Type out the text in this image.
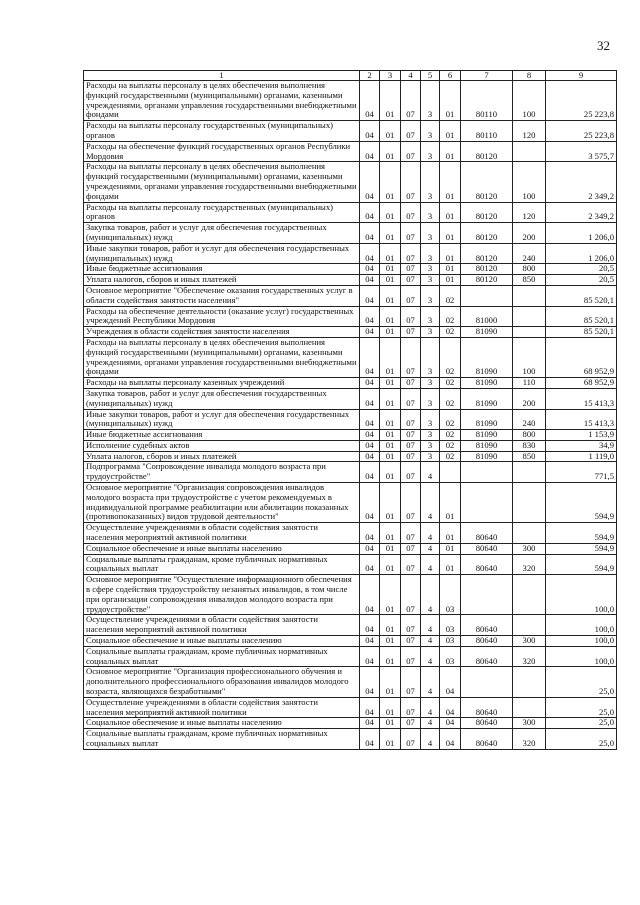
32
1	2	3	4	5	6	7	8	9
Расходы на выплаты персоналу в целях обеспечения выполнения функций государственными (муниципальными) органами, казенными учреждениями, органами управления государственными внебюджетными фондами	04	01	07	3	01	80110	100	25 223,8
Расходы на выплаты персоналу государственных (муниципальных) органов	04	01	07	3	01	80110	120	25 223,8
Расходы на обеспечение функций государственных органов Республики Мордовия	04	01	07	3	01	80120		3 575,7
Расходы на выплаты персоналу в целях обеспечения выполнения функций государственными (муниципальными) органами, казенными учреждениями, органами управления государственными внебюджетными фондами	04	01	07	3	01	80120	100	2 349,2
Расходы на выплаты персоналу государственных (муниципальных) органов	04	01	07	3	01	80120	120	2 349,2
Закупка товаров, работ и услуг для обеспечения государственных (муниципальных) нужд	04	01	07	3	01	80120	200	1 206,0
Иные закупки товаров, работ и услуг для обеспечения государственных (муниципальных) нужд	04	01	07	3	01	80120	240	1 206,0
Иные бюджетные ассигнования	04	01	07	3	01	80120	800	20,5
Уплата налогов, сборов и иных платежей	04	01	07	3	01	80120	850	20,5
Основное мероприятие "Обеспечение оказания государственных услуг в области содействия занятости населения"	04	01	07	3	02			85 520,1
Расходы на обеспечение деятельности (оказание услуг) государственных учреждений Республики Мордовия	04	01	07	3	02	81000		85 520,1
Учреждения в области содействия занятости населения	04	01	07	3	02	81090		85 520,1
Расходы на выплаты персоналу в целях обеспечения выполнения функций государственными (муниципальными) органами, казенными учреждениями, органами управления государственными внебюджетными фондами	04	01	07	3	02	81090	100	68 952,9
Расходы на выплаты персоналу казенных учреждений	04	01	07	3	02	81090	110	68 952,9
Закупка товаров, работ и услуг для обеспечения государственных (муниципальных) нужд	04	01	07	3	02	81090	200	15 413,3
Иные закупки товаров, работ и услуг для обеспечения государственных (муниципальных) нужд	04	01	07	3	02	81090	240	15 413,3
Иные бюджетные ассигнования	04	01	07	3	02	81090	800	1 153,9
Исполнение судебных актов	04	01	07	3	02	81090	830	34,9
Уплата налогов, сборов и иных платежей	04	01	07	3	02	81090	850	1 119,0
Подпрограмма "Сопровождение инвалида молодого возраста при трудоустройстве"	04	01	07	4				771,5
Основное мероприятие "Организация сопровождения инвалидов молодого возраста при трудоустройстве с учетом рекомендуемых в индивидуальной программе реабилитации или абилитации показанных (противопоказанных) видов трудовой деятельности"	04	01	07	4	01			594,9
Осуществление учреждениями в области содействия занятости населения мероприятий активной политики	04	01	07	4	01	80640		594,9
Социальное обеспечение и иные выплаты населению	04	01	07	4	01	80640	300	594,9
Социальные выплаты гражданам, кроме публичных нормативных социальных выплат	04	01	07	4	01	80640	320	594,9
Основное мероприятие "Осуществление информационного обеспечения в сфере содействия трудоустройству незанятых инвалидов, в том числе при организации сопровождения инвалидов молодого возраста при трудоустройстве"	04	01	07	4	03			100,0
Осуществление учреждениями в области содействия занятости населения мероприятий активной политики	04	01	07	4	03	80640		100,0
Социальное обеспечение и иные выплаты населению	04	01	07	4	03	80640	300	100,0
Социальные выплаты гражданам, кроме публичных нормативных социальных выплат	04	01	07	4	03	80640	320	100,0
Основное мероприятие "Организация профессионального обучения и дополнительного профессионального образования инвалидов молодого возраста, являющихся безработными"	04	01	07	4	04			25,0
Осуществление учреждениями в области содействия занятости населения мероприятий активной политики	04	01	07	4	04	80640		25,0
Социальное обеспечение и иные выплаты населению	04	01	07	4	04	80640	300	25,0
Социальные выплаты гражданам, кроме публичных нормативных социальных выплат	04	01	07	4	04	80640	320	25,0
